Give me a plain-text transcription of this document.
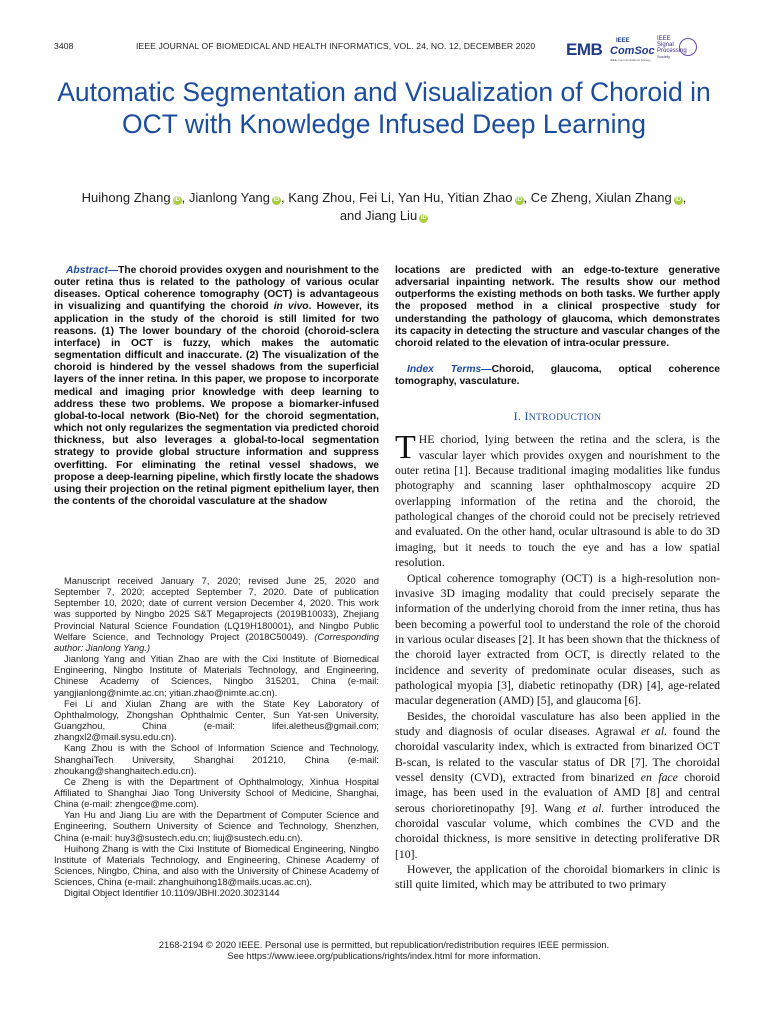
3408	IEEE JOURNAL OF BIOMEDICAL AND HEALTH INFORMATICS, VOL. 24, NO. 12, DECEMBER 2020	EMB IEEE
ComSoc
IEEE Communications Society
IEEE
Signal
Processing
Society
Automatic Segmentation and Visualization of Choroid in OCT with Knowledge Infused Deep Learning
Huihong Zhang iD , Jianlong Yang iD , Kang Zhou, Fei Li, Yan Hu, Yitian Zhao iD , Ce Zheng, Xiulan Zhang iD ,
and Jiang Liu iD

Abstract—The choroid provides oxygen and nourishment to the outer retina thus is related to the pathology of various ocular diseases. Optical coherence tomography (OCT) is advantageous in visualizing and quantifying the choroid in vivo. However, its application in the study of the choroid is still limited for two reasons. (1) The lower boundary of the choroid (choroid-sclera interface) in OCT is fuzzy, which makes the automatic segmentation difficult and inaccurate. (2) The visualization of the choroid is hindered by the vessel shadows from the superficial layers of the inner retina. In this paper, we propose to incorporate medical and imaging prior knowledge with deep learning to address these two problems. We propose a biomarker-infused global-to-local network (Bio-Net) for the choroid segmentation, which not only regularizes the segmentation via predicted choroid thickness, but also leverages a global-to-local segmentation strategy to provide global structure information and suppress overfitting. For eliminating the retinal vessel shadows, we propose a deep-learning pipeline, which firstly locate the shadows using their projection on the retinal pigment epithelium layer, then the contents of the choroidal vasculature at the shadow

Manuscript received January 7, 2020; revised June 25, 2020 and September 7, 2020; accepted September 7, 2020. Date of publication September 10, 2020; date of current version December 4, 2020. This work was supported by Ningbo 2025 S&T Megaprojects (2019B10033), Zhejiang Provincial Natural Science Foundation (LQ19H180001), and Ningbo Public Welfare Science, and Technology Project (2018C50049). (Corresponding author: Jianlong Yang.)

Jianlong Yang and Yitian Zhao are with the Cixi Institute of Biomedical Engineering, Ningbo Institute of Materials Technology, and Engineering, Chinese Academy of Sciences, Ningbo 315201, China (e-mail: yangjianlong@nimte.ac.cn; yitian.zhao@nimte.ac.cn).

Fei Li and Xiulan Zhang are with the State Key Laboratory of Ophthalmology, Zhongshan Ophthalmic Center, Sun Yat-sen University, Guangzhou, China (e-mail: lifei.aletheus@gmail.com; zhangxl2@mail.sysu.edu.cn).

Kang Zhou is with the School of Information Science and Technology, ShanghaiTech University, Shanghai 201210, China (e-mail: zhoukang@shanghaitech.edu.cn).

Ce Zheng is with the Department of Ophthalmology, Xinhua Hospital Affiliated to Shanghai Jiao Tong University School of Medicine, Shanghai, China (e-mail: zhengce@me.com).

Yan Hu and Jiang Liu are with the Department of Computer Science and Engineering, Southern University of Science and Technology, Shenzhen, China (e-mail: huy3@sustech.edu.cn; liuj@sustech.edu.cn).

Huihong Zhang is with the Cixi Institute of Biomedical Engineering, Ningbo Institute of Materials Technology, and Engineering, Chinese Academy of Sciences, Ningbo, China, and also with the University of Chinese Academy of Sciences, China (e-mail: zhanghuihong18@mails.ucas.ac.cn).

Digital Object Identifier 10.1109/JBHI.2020.3023144

locations are predicted with an edge-to-texture generative adversarial inpainting network. The results show our method outperforms the existing methods on both tasks. We further apply the proposed method in a clinical prospective study for understanding the pathology of glaucoma, which demonstrates its capacity in detecting the structure and vascular changes of the choroid related to the elevation of intra-ocular pressure.

Index Terms—Choroid, glaucoma, optical coherence tomography, vasculature.

I. INTRODUCTION

THE choriod, lying between the retina and the sclera, is the vascular layer which provides oxygen and nourishment to the outer retina [1]. Because traditional imaging modalities like fundus photography and scanning laser ophthalmoscopy acquire 2D overlapping information of the retina and the choroid, the pathological changes of the choroid could not be precisely retrieved and evaluated. On the other hand, ocular ultrasound is able to do 3D imaging, but it needs to touch the eye and has a low spatial resolution.

Optical coherence tomography (OCT) is a high-resolution non-invasive 3D imaging modality that could precisely separate the information of the underlying choroid from the inner retina, thus has been becoming a powerful tool to understand the role of the choroid in various ocular diseases [2]. It has been shown that the thickness of the choroid layer extracted from OCT, is directly related to the incidence and severity of predominate ocular diseases, such as pathological myopia [3], diabetic retinopathy (DR) [4], age-related macular degeneration (AMD) [5], and glaucoma [6].

Besides, the choroidal vasculature has also been applied in the study and diagnosis of ocular diseases. Agrawal et al. found the choroidal vascularity index, which is extracted from binarized OCT B-scan, is related to the vascular status of DR [7]. The choroidal vessel density (CVD), extracted from binarized en face choroid image, has been used in the evaluation of AMD [8] and central serous chorioretinopathy [9]. Wang et al. further introduced the choroidal vascular volume, which combines the CVD and the choroidal thickness, is more sensitive in detecting proliferative DR [10].

However, the application of the choroidal biomarkers in clinic is still quite limited, which may be attributed to two primary

2168-2194 © 2020 IEEE. Personal use is permitted, but republication/redistribution requires IEEE permission.
See https://www.ieee.org/publications/rights/index.html for more information.
